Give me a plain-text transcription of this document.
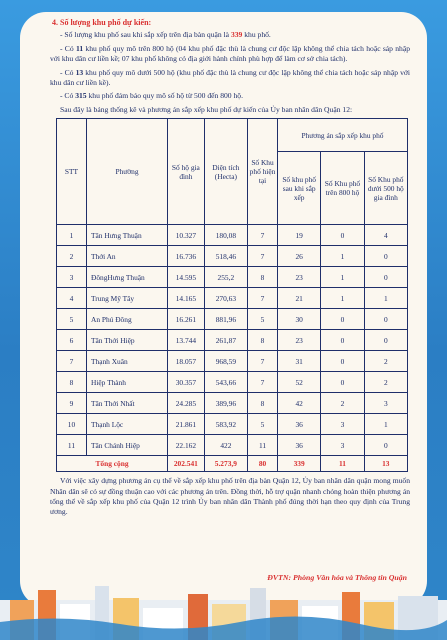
4. Số lượng khu phố dự kiến:

- Số lượng khu phố sau khi sắp xếp trên địa bàn quận là 339 khu phố.

- Có 11 khu phố quy mô trên 800 hộ (04 khu phố đặc thù là chung cư độc lập không thể chia tách hoặc sáp nhập với khu dân cư liền kề; 07 khu phố không có địa giới hành chính phù hợp để làm cơ sở chia tách).

- Có 13 khu phố quy mô dưới 500 hộ (khu phố đặc thù là chung cư độc lập không thể chia tách hoặc sáp nhập với khu dân cư liền kề).

- Có 315 khu phố đảm bảo quy mô số hộ từ 500 đến 800 hộ.

Sau đây là bảng thống kê và phương án sắp xếp khu phố dự kiến của Ủy ban nhân dân Quận 12:

STT	Phường	Số hộ gia đình	Diện tích (Hecta)	Số Khu phố hiện tại	Phương án sắp xếp khu phố		
					Số khu phố sau khi sắp xếp	Số Khu phố trên 800 hộ	Số Khu phố dưới 500 hộ gia đình
1	Tân Hưng Thuận	10.327	180,08	7	19	0	4
2	Thới An	16.736	518,46	7	26	1	0
3	ĐôngHưng Thuận	14.595	255,2	8	23	1	0
4	Trung Mỹ Tây	14.165	270,63	7	21	1	1
5	An Phú Đông	16.261	881,96	5	30	0	0
6	Tân Thới Hiệp	13.744	261,87	8	23	0	0
7	Thạnh Xuân	18.057	968,59	7	31	0	2
8	Hiệp Thành	30.357	543,66	7	52	0	2
9	Tân Thới Nhất	24.285	389,96	8	42	2	3
10	Thạnh Lộc	21.861	583,92	5	36	3	1
11	Tân Chánh Hiệp	22.162	422	11	36	3	0
Tổng cộng		202.541	5.273,9	80	339	11	13

Với việc xây dựng phương án cụ thể về sắp xếp khu phố trên địa bàn Quận 12, Ủy ban nhân dân quận mong muốn Nhân dân sẽ có sự đồng thuận cao với các phương án trên. Đồng thời, hỗ trợ quận nhanh chóng hoàn thiện phương án tổng thể về sắp xếp khu phố của Quận 12 trình Ủy ban nhân dân Thành phố đúng thời hạn theo quy định của Trung ương.

ĐVTN: Phòng Văn hóa và Thông tin Quận
